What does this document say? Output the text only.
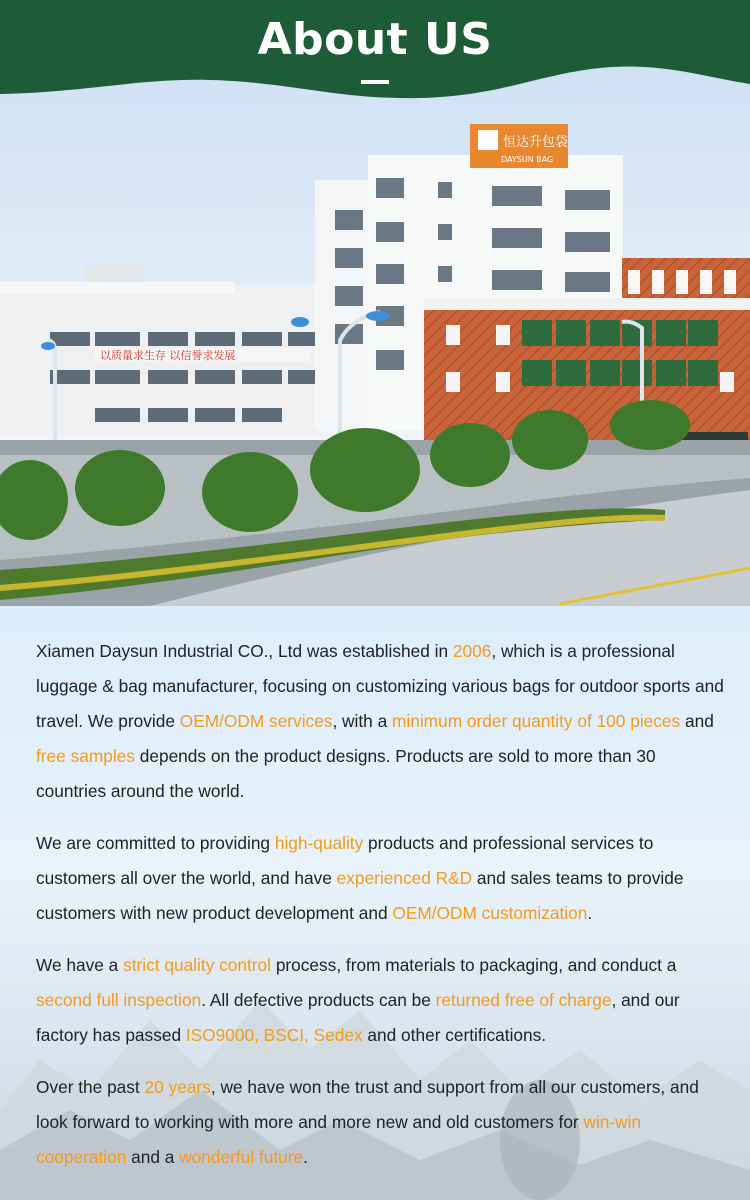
About US
以质量求生存 以信誉求发展
恒达升包袋
DAYSUN BAG

Xiamen Daysun Industrial CO., Ltd was established in 2006, which is a professional luggage & bag manufacturer, focusing on customizing various bags for outdoor sports and travel. We provide OEM/ODM services, with a minimum order quantity of 100 pieces and free samples depends on the product designs. Products are sold to more than 30 countries around the world.

We are committed to providing high-quality products and professional services to customers all over the world, and have experienced R&D and sales teams to provide customers with new product development and OEM/ODM customization.

We have a strict quality control process, from materials to packaging, and conduct a second full inspection. All defective products can be returned free of charge, and our factory has passed ISO9000, BSCI, Sedex and other certifications.

Over the past 20 years, we have won the trust and support from all our customers, and look forward to working with more and more new and old customers for win-win cooperation and a wonderful future.
